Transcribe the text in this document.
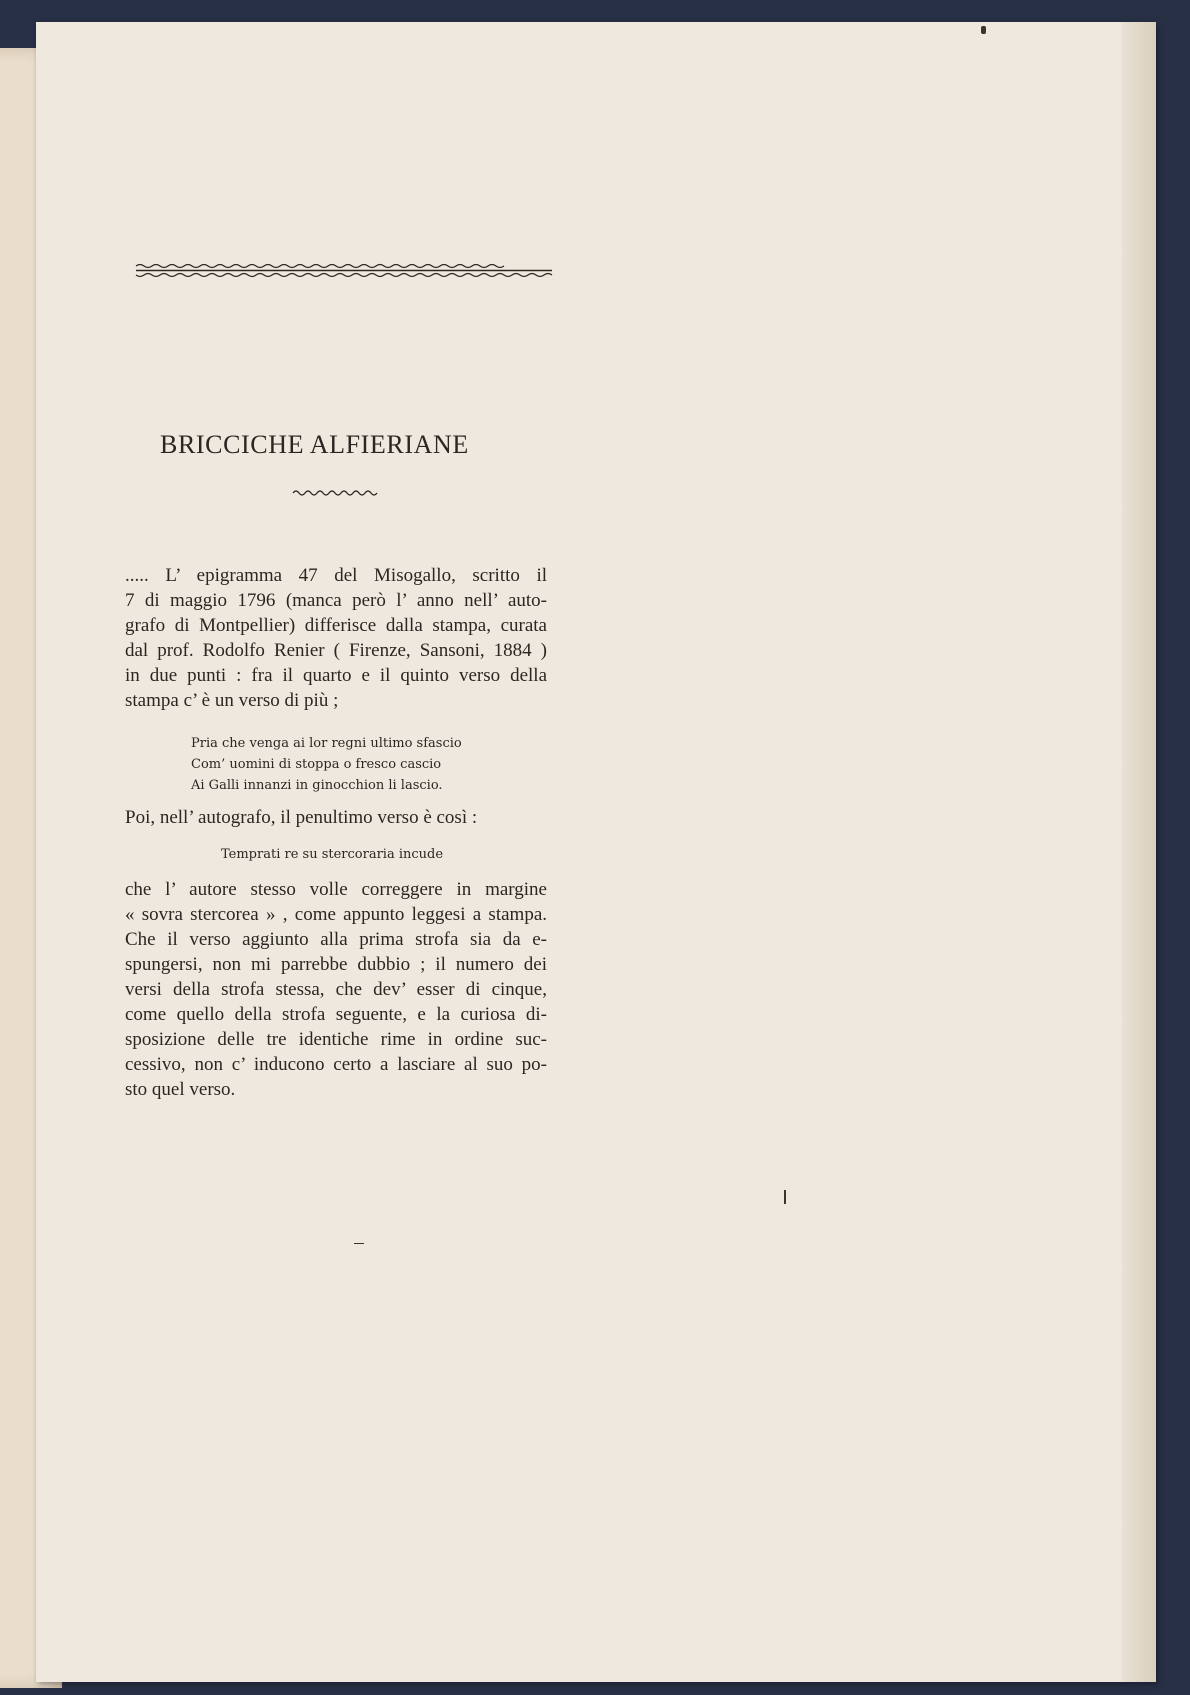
BRICCICHE ALFIERIANE

..... L’ epigramma 47 del Misogallo, scritto il
7 di maggio 1796 (manca però l’ anno nell’ auto-
grafo di Montpellier) differisce dalla stampa, curata
dal prof. Rodolfo Renier ( Firenze, Sansoni, 1884 )
in due punti : fra il quarto e il quinto verso della
stampa c’ è un verso di più ;

Pria che venga ai lor regni ultimo sfascio
Com’ uomini di stoppa o fresco cascio
Ai Galli innanzi in ginocchion li lascio.

Poi, nell’ autografo, il penultimo verso è così :

Temprati re su stercoraria incude

che l’ autore stesso volle correggere in margine
« sovra stercorea » , come appunto leggesi a stampa.
Che il verso aggiunto alla prima strofa sia da e-
spungersi, non mi parrebbe dubbio ; il numero dei
versi della strofa stessa, che dev’ esser di cinque,
come quello della strofa seguente, e la curiosa di-
sposizione delle tre identiche rime in ordine suc-
cessivo, non c’ inducono certo a lasciare al suo po-
sto quel verso.
